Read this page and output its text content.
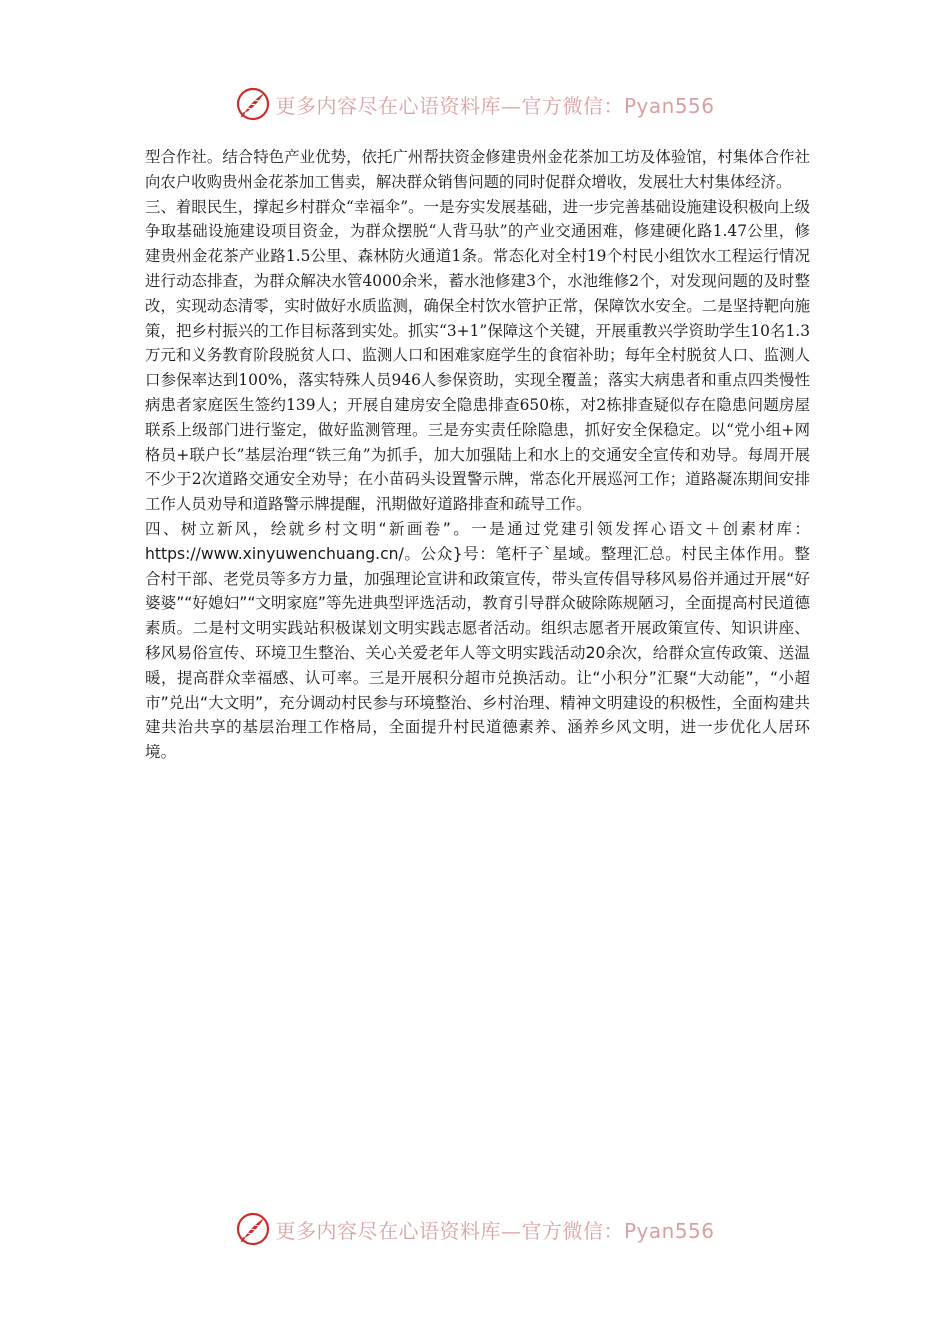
更多内容尽在心语资料库—官方微信：Pyan556

型合作社。结合特色产业优势，依托广州帮扶资金修建贵州金花茶加工坊及体验馆，村集体合作社向农户收购贵州金花茶加工售卖，解决群众销售问题的同时促群众增收，发展壮大村集体经济。

三、着眼民生，撑起乡村群众“幸福伞”。一是夯实发展基础，进一步完善基础设施建设积极向上级争取基础设施建设项目资金，为群众摆脱“人背马驮”的产业交通困难，修建硬化路1.47公里，修建贵州金花茶产业路1.5公里、森林防火通道1条。常态化对全村19个村民小组饮水工程运行情况进行动态排查，为群众解决水管4000余米，蓄水池修建3个，水池维修2个，对发现问题的及时整改，实现动态清零，实时做好水质监测，确保全村饮水管护正常，保障饮水安全。二是坚持靶向施策，把乡村振兴的工作目标落到实处。抓实“3+1”保障这个关键，开展重教兴学资助学生10名1.3万元和义务教育阶段脱贫人口、监测人口和困难家庭学生的食宿补助；每年全村脱贫人口、监测人口参保率达到100%，落实特殊人员946人参保资助，实现全覆盖；落实大病患者和重点四类慢性病患者家庭医生签约139人；开展自建房安全隐患排查650栋，对2栋排查疑似存在隐患问题房屋联系上级部门进行鉴定，做好监测管理。三是夯实责任除隐患，抓好安全保稳定。以“党小组+网格员+联户长”基层治理“铁三角”为抓手，加大加强陆上和水上的交通安全宣传和劝导。每周开展不少于2次道路交通安全劝导；在小苗码头设置警示牌，常态化开展巡河工作；道路凝冻期间安排工作人员劝导和道路警示牌提醒，汛期做好道路排查和疏导工作。

四、树立新风，绘就乡村文明“新画卷”。一是通过党建引领发挥心语文＋创素材库：https://www.xinyuwenchuang.cn/。公众}号：笔杆子`星域。整理汇总。村民主体作用。整合村干部、老党员等多方力量，加强理论宣讲和政策宣传，带头宣传倡导移风易俗并通过开展“好婆婆”“好媳妇”“文明家庭”等先进典型评选活动，教育引导群众破除陈规陋习，全面提高村民道德素质。二是村文明实践站积极谋划文明实践志愿者活动。组织志愿者开展政策宣传、知识讲座、移风易俗宣传、环境卫生整治、关心关爱老年人等文明实践活动20余次，给群众宣传政策、送温暖，提高群众幸福感、认可率。三是开展积分超市兑换活动。让“小积分”汇聚“大动能”，“小超市”兑出“大文明”，充分调动村民参与环境整治、乡村治理、精神文明建设的积极性，全面构建共建共治共享的基层治理工作格局，全面提升村民道德素养、涵养乡风文明，进一步优化人居环境。

更多内容尽在心语资料库—官方微信：Pyan556
